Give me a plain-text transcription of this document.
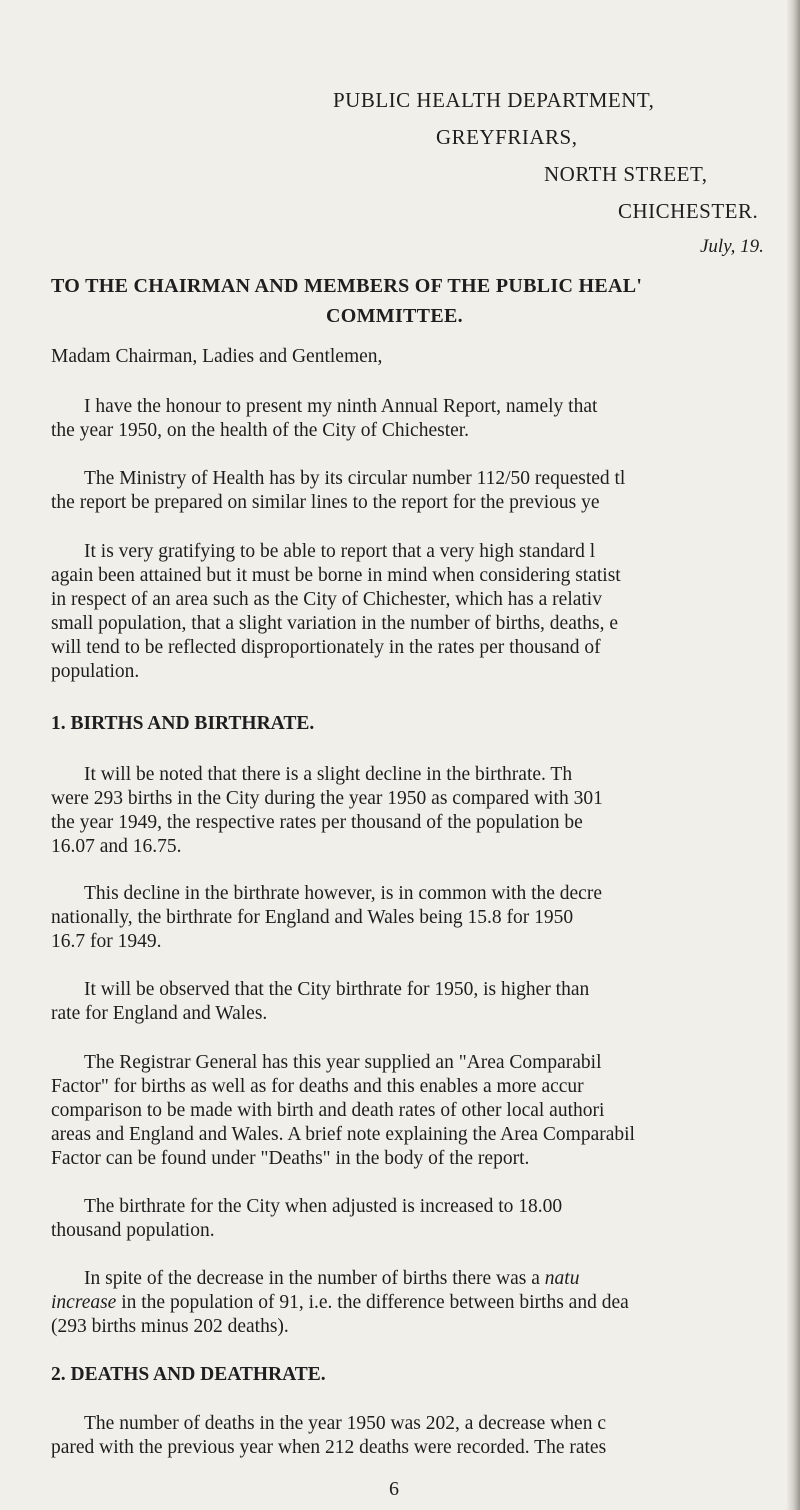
PUBLIC HEALTH DEPARTMENT,
GREYFRIARS,
NORTH STREET,
CHICHESTER.
July, 19.
TO THE CHAIRMAN AND MEMBERS OF THE PUBLIC HEAL'
COMMITTEE.
Madam Chairman, Ladies and Gentlemen,
I have the honour to present my ninth Annual Report, namely that
the year 1950, on the health of the City of Chichester.
The Ministry of Health has by its circular number 112/50 requested tl
the report be prepared on similar lines to the report for the previous ye
It is very gratifying to be able to report that a very high standard l
again been attained but it must be borne in mind when considering statist
in respect of an area such as the City of Chichester, which has a relativ
small population, that a slight variation in the number of births, deaths, e
will tend to be reflected disproportionately in the rates per thousand of
population.
1. BIRTHS AND BIRTHRATE.
It will be noted that there is a slight decline in the birthrate. Th
were 293 births in the City during the year 1950 as compared with 301
the year 1949, the respective rates per thousand of the population be
16.07 and 16.75.
This decline in the birthrate however, is in common with the decre
nationally, the birthrate for England and Wales being 15.8 for 1950
16.7 for 1949.
It will be observed that the City birthrate for 1950, is higher than
rate for England and Wales.
The Registrar General has this year supplied an "Area Comparabil
Factor" for births as well as for deaths and this enables a more accur
comparison to be made with birth and death rates of other local authori
areas and England and Wales. A brief note explaining the Area Comparabil
Factor can be found under "Deaths" in the body of the report.
The birthrate for the City when adjusted is increased to 18.00
thousand population.
In spite of the decrease in the number of births there was a natu
increase in the population of 91, i.e. the difference between births and dea
(293 births minus 202 deaths).
2. DEATHS AND DEATHRATE.
The number of deaths in the year 1950 was 202, a decrease when c
pared with the previous year when 212 deaths were recorded. The rates
6
